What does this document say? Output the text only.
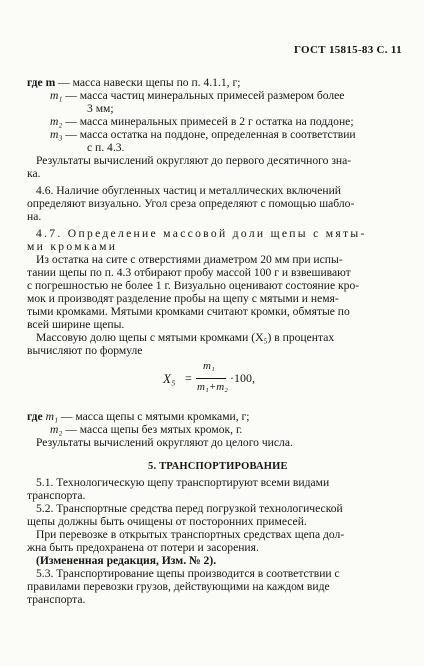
ГОСТ 15815-83 С. 11
где m — масса навески щепы по п. 4.1.1, г;
m₁ — масса частиц минеральных примесей размером более
3 мм;
m₂ — масса минеральных примесей в 2 г остатка на поддоне;
m₃ — масса остатка на поддоне, определенная в соответствии
с п. 4.3.
Результаты вычислений округляют до первого десятичного зна-
ка.
4.6. Наличие обугленных частиц и металлических включений
определяют визуально. Угол среза определяют с помощью шабло-
на.
4.7. Определение массовой доли щепы с мяты-
ми кромками
Из остатка на сите с отверстиями диаметром 20 мм при испы-
тании щепы по п. 4.3 отбирают пробу массой 100 г и взвешивают
с погрешностью не более 1 г. Визуально оценивают состояние кро-
мок и производят разделение пробы на щепу с мятыми и немя-
тыми кромками. Мятыми кромками считают кромки, обмятые по
всей ширине щепы.
Массовую долю щепы с мятыми кромками (X₅) в процентах
вычисляют по формуле
X₅ =
m₁
m₁+m₂
·100,
где m₁ — масса щепы с мятыми кромками, г;
m₂ — масса щепы без мятых кромок, г.
Результаты вычислений округляют до целого числа.
5. ТРАНСПОРТИРОВАНИЕ
5.1. Технологическую щепу транспортируют всеми видами
транспорта.
5.2. Транспортные средства перед погрузкой технологической
щепы должны быть очищены от посторонних примесей.
При перевозке в открытых транспортных средствах щепа дол-
жна быть предохранена от потери и засорения.
(Измененная редакция, Изм. № 2).
5.3. Транспортирование щепы производится в соответствии с
правилами перевозки грузов, действующими на каждом виде
транспорта.
